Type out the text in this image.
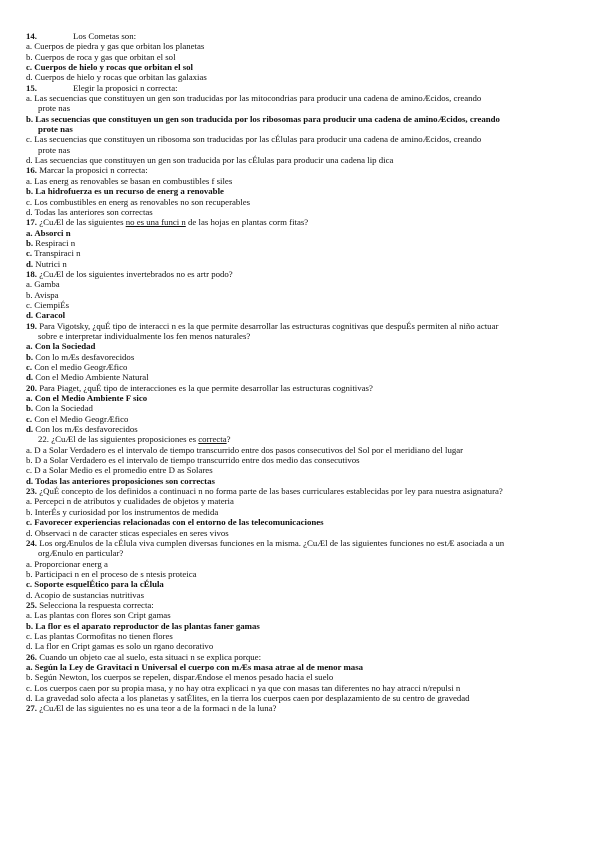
14.	Los Cometas son:
a. Cuerpos de piedra y gas que orbitan los planetas
b. Cuerpos de roca y gas que orbitan el sol
c. Cuerpos de hielo y rocas que orbitan el sol
d. Cuerpos de hielo y rocas que orbitan las galaxias
15.	Elegir la proposici n correcta:
a. Las secuencias que constituyen un gen son traducidas por las mitocondrias para producir una cadena de aminoÆcidos, creando
prote nas
b. Las secuencias que constituyen un gen son traducida por los ribosomas para producir una cadena de aminoÆcidos, creando
prote nas
c. Las secuencias que constituyen un ribosoma son traducidas por las cÉlulas para producir una cadena de aminoÆcidos, creando
prote nas
d. Las secuencias que constituyen un gen son traducida por las cÉlulas para producir una cadena lip dica
16. Marcar la proposici n correcta:
a. Las energ as renovables se basan en combustibles f siles
b. La hidrofuerza es un recurso de energ a renovable
c. Los combustibles en energ as renovables no son recuperables
d. Todas las anteriores son correctas
17. ¿CuÆl de las siguientes no es una funci n de las hojas en plantas corm fitas?
a. Absorci n
b. Respiraci n
c. Transpiraci n
d. Nutrici n
18. ¿CuÆl de los siguientes invertebrados no es artr podo?
a. Gamba
b. Avispa
c. CiempiÉs
d. Caracol
19. Para Vigotsky, ¿quÉ tipo de interacci n es la que permite desarrollar las estructuras cognitivas que despuÉs permiten al niño actuar
sobre e interpretar individualmente los fen menos naturales?
a. Con la Sociedad
b. Con lo mÆs desfavorecidos
c. Con el medio GeogrÆfico
d. Con el Medio Ambiente Natural
20. Para Piaget, ¿quÉ tipo de interacciones es la que permite desarrollar las estructuras cognitivas?
a. Con el Medio Ambiente F sico
b. Con la Sociedad
c. Con el Medio GeogrÆfico
d. Con los mÆs desfavorecidos
22. ¿CuÆl de las siguientes proposiciones es correcta?
a. D a Solar Verdadero es el intervalo de tiempo transcurrido entre dos pasos consecutivos del Sol por el meridiano del lugar
b. D a Solar Verdadero es el intervalo de tiempo transcurrido entre dos medio das consecutivos
c. D a Solar Medio es el promedio entre D as Solares
d. Todas las anteriores proposiciones son correctas
23. ¿QuÉ concepto de los definidos a continuaci n no forma parte de las bases curriculares establecidas por ley para nuestra asignatura?
a. Percepci n de atributos y cualidades de objetos y materia
b. InterÉs y curiosidad por los instrumentos de medida
c. Favorecer experiencias relacionadas con el entorno de las telecomunicaciones
d. Observaci n de caracter sticas especiales en seres vivos
24. Los orgÆnulos de la cÉlula viva cumplen diversas funciones en la misma. ¿CuÆl de las siguientes funciones no estÆ asociada a un
orgÆnulo en particular?
a. Proporcionar energ a
b. Participaci n en el proceso de s ntesis proteica
c. Soporte esquelÉtico para la cÉlula
d. Acopio de sustancias nutritivas
25. Selecciona la respuesta correcta:
a. Las plantas con flores son Cript gamas
b. La flor es el aparato reproductor de las plantas faner gamas
c. Las plantas Cormofitas no tienen flores
d. La flor en Cript gamas es solo un rgano decorativo
26. Cuando un objeto cae al suelo, esta situaci n se explica porque:
a. Según la Ley de Gravitaci n Universal el cuerpo con mÆs masa atrae al de menor masa
b. Según Newton, los cuerpos se repelen, disparÆndose el menos pesado hacia el suelo
c. Los cuerpos caen por su propia masa, y no hay otra explicaci n ya que con masas tan diferentes no hay atracci n/repulsi n
d. La gravedad solo afecta a los planetas y satÉlites, en la tierra los cuerpos caen por desplazamiento de su centro de gravedad
27. ¿CuÆl de las siguientes no es una teor a de la formaci n de la luna?
